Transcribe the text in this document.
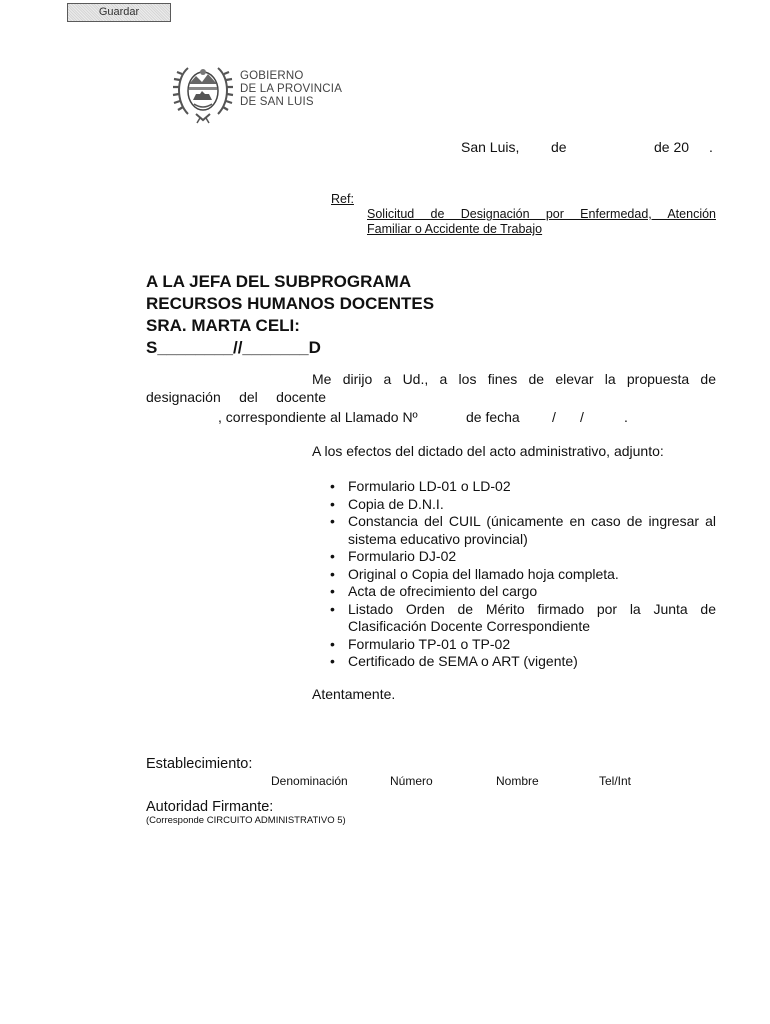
Guardar
GOBIERNO
DE LA PROVINCIA
DE SAN LUIS
San Luis, de	de 20 .
Ref:
Solicitud de Designación por Enfermedad, Atención
Familiar o Accidente de Trabajo
A LA JEFA DEL SUBPROGRAMA
RECURSOS HUMANOS DOCENTES
SRA. MARTA CELI:
S________//_______D
Me dirijo a Ud., a los fines de elevar la propuesta de
designación del docente
, correspondiente al Llamado Nº	de fecha / /	.
A los efectos del dictado del acto administrativo, adjunto:
• Formulario LD-01 o LD-02
• Copia de D.N.I.
• Constancia del CUIL (únicamente en caso de ingresar al sistema educativo provincial)
• Formulario DJ-02
• Original o Copia del llamado hoja completa.
• Acta de ofrecimiento del cargo
• Listado Orden de Mérito firmado por la Junta de Clasificación Docente Correspondiente
• Formulario TP-01 o TP-02
• Certificado de SEMA o ART (vigente)
Atentamente.
Establecimiento:
Denominación	Número	Nombre	Tel/Int
Autoridad Firmante:
(Corresponde CIRCUITO ADMINISTRATIVO 5)
